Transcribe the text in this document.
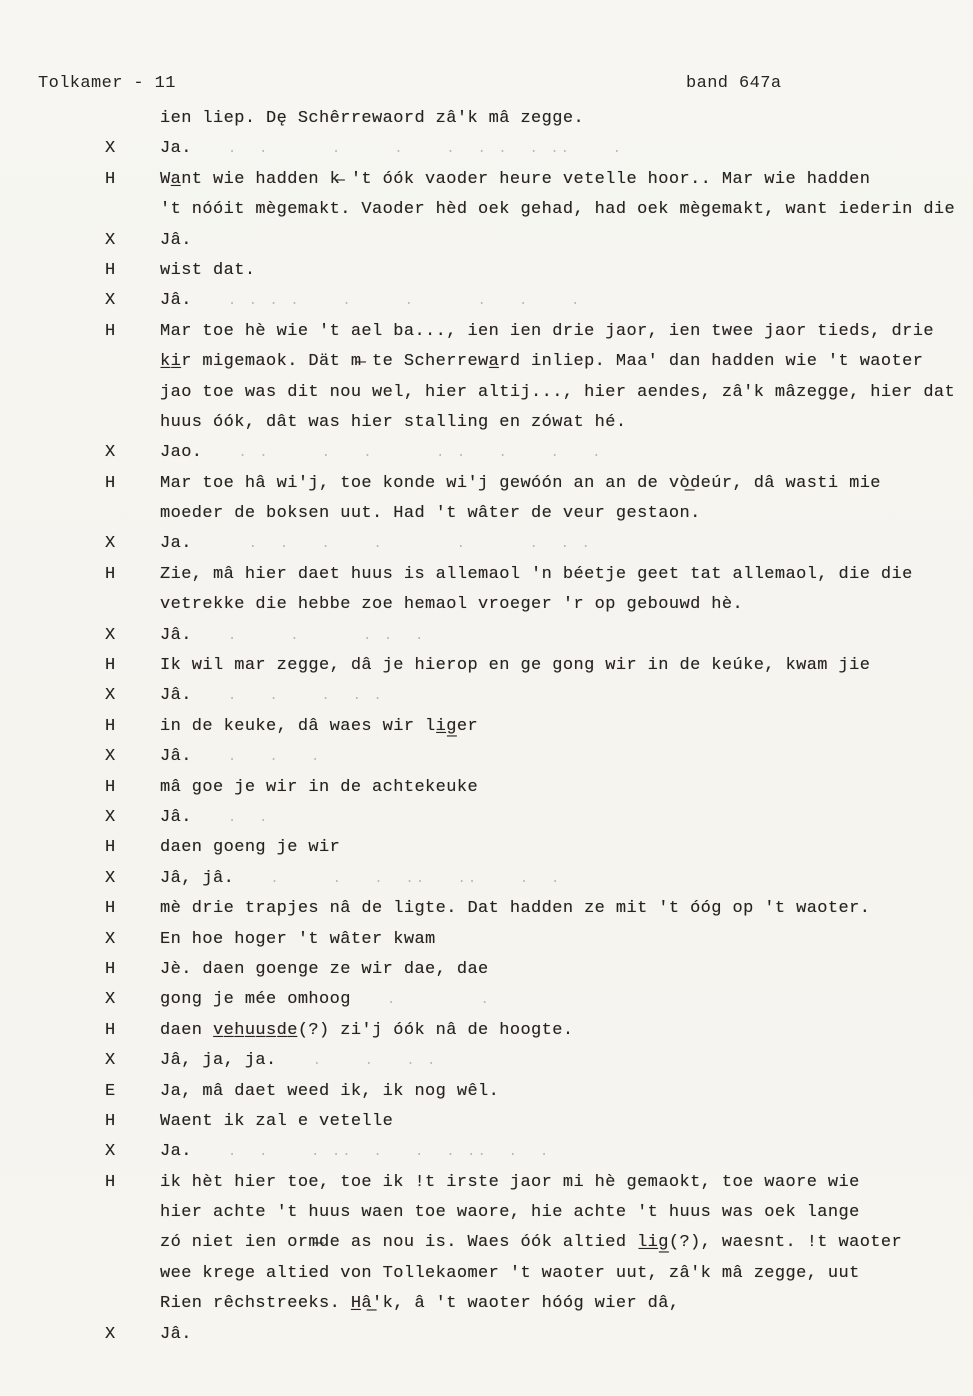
Tolkamer - 11	band 647a
ien liep. Dę Schêrrewaord zâ'k mâ zegge.
X	Ja.	.  .      .     .    .  . .  . ..    .
H	Wa̲nt wie hadden k̶ 't óók vaoder heure vetelle hoor.. Mar wie hadden
't nóóit mègemakt. Vaoder hèd oek gehad, had oek mègemakt, want iederin die
X	Jâ.
H	wist dat.
X	Jâ.	. . . .    .     .      .   .    .
H	Mar toe hè wie 't ael ba..., ien ien drie jaor, ien twee jaor tieds, drie
k̲i̲r migemaok. Dät m̶ te Scherrewa̲rd inliep. Maa' dan hadden wie 't waoter
jao toe was dit nou wel, hier altij..., hier aendes, zâ'k mâzegge, hier dat
huus óók, dât was hier stalling en zówat hé.
X	Jao.	. .     .   .      . .   .    .   .
H	Mar toe hâ wi'j, toe konde wi'j gewóón an an de vò̲deúr, dâ wasti mie
moeder de boksen uut. Had 't wâter de veur gestaon.
X	Ja.	.  .   .    .       .      .  . .
H	Zie, mâ hier daet huus is allemaol 'n béetje geet tat allemaol, die die
vetrekke die hebbe zoe hemaol vroeger 'r op gebouwd hè.
X	Jâ.	.     .      . .  .
H	Ik wil mar zegge, dâ je hierop en ge gong wir in de keúke, kwam jie
X	Jâ.	.   .    .  . .
H	in de keuke, dâ waes wir li̲g̲er
X	Jâ.	.   .   .
H	mâ goe je wir in de achtekeuke
X	Jâ.	.  .
H	daen goeng je wir
X	Jâ, jâ.	.     .   .  ..   ..    .  .
H	mè drie trapjes nâ de ligte. Dat hadden ze mit 't óóg op 't waoter.
X	En hoe hoger 't wâter kwam
H	Jè. daen goenge ze wir dae, dae
X	gong je mée omhoog	.        .
H	daen v̲e̲h̲u̲u̲s̲d̲e̲(?) zi'j óók nâ de hoogte.
X	Jâ, ja, ja.	.    .   . .
E	Ja, mâ daet weed ik, ik nog wêl.
H	Waent ik zal e vetelle
X	Ja.	.  .    . ..  .   .  . ..  .  .
H	ik hèt hier toe, toe ik !t irste jaor mi hè gemaokt, toe waore wie
hier achte 't huus waen toe waore, hie achte 't huus was oek lange
zó niet ien orm̶de as nou is. Waes óók altied l̲i̲g̲(?), waesnt. !t waoter
wee krege altied von Tollekaomer 't waoter uut, zâ'k mâ zegge, uut
Rien rêchstreeks. H̲â̲'k, â 't waoter hóóg wier dâ,
X	Jâ.
